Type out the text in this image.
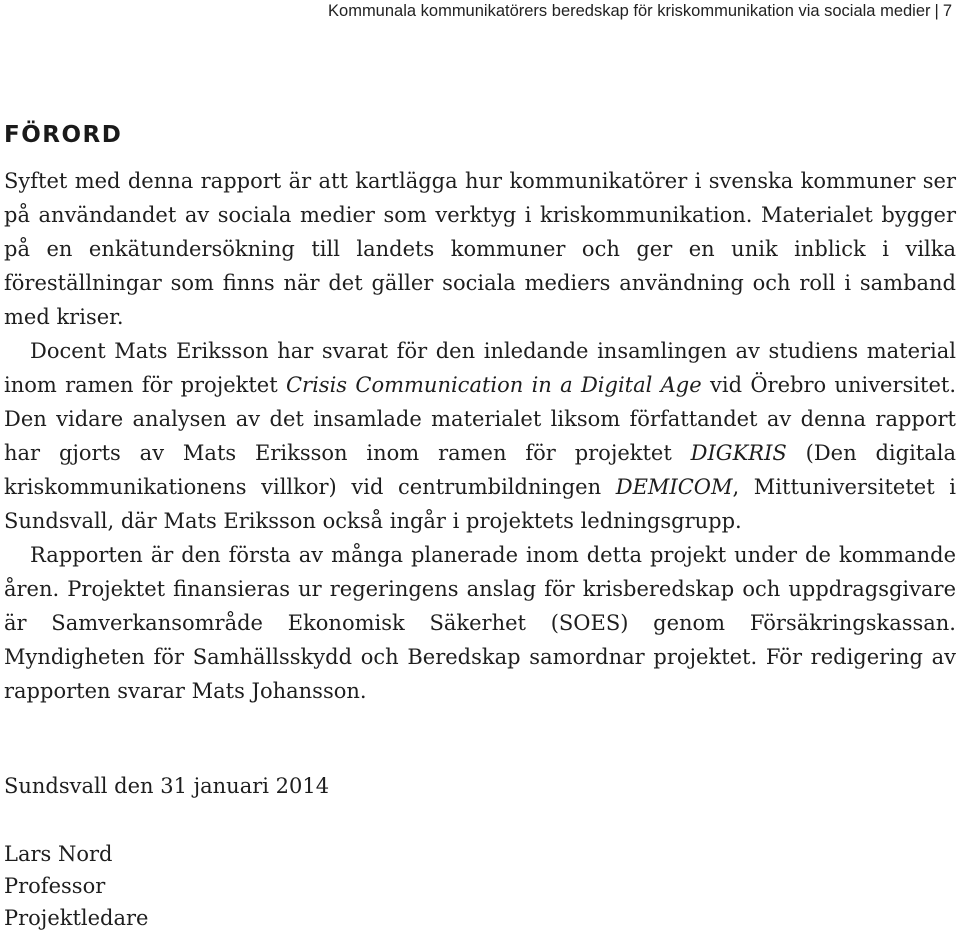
Kommunala kommunikatörers beredskap för kriskommunikation via sociala medier | 7
FÖRORD

Syftet med denna rapport är att kartlägga hur kommunikatörer i svenska kommuner ser på användandet av sociala medier som verktyg i kriskommunikation. Materialet bygger på en enkätundersökning till landets kommuner och ger en unik inblick i vilka föreställningar som finns när det gäller sociala mediers användning och roll i samband med kriser.

Docent Mats Eriksson har svarat för den inledande insamlingen av studiens material inom ramen för projektet Crisis Communication in a Digital Age vid Örebro universitet. Den vidare analysen av det insamlade materialet liksom författandet av denna rapport har gjorts av Mats Eriksson inom ramen för projektet DIGKRIS (Den digitala kriskommunikationens villkor) vid centrumbildningen DEMICOM, Mittuniversitetet i Sundsvall, där Mats Eriksson också ingår i projektets ledningsgrupp.

Rapporten är den första av många planerade inom detta projekt under de kommande åren. Projektet finansieras ur regeringens anslag för krisberedskap och uppdragsgivare är Samverkansområde Ekonomisk Säkerhet (SOES) genom Försäkringskassan. Myndigheten för Samhällsskydd och Beredskap samordnar projektet. För redigering av rapporten svarar Mats Johansson.

Sundsvall den 31 januari 2014
Lars Nord
Professor
Projektledare
